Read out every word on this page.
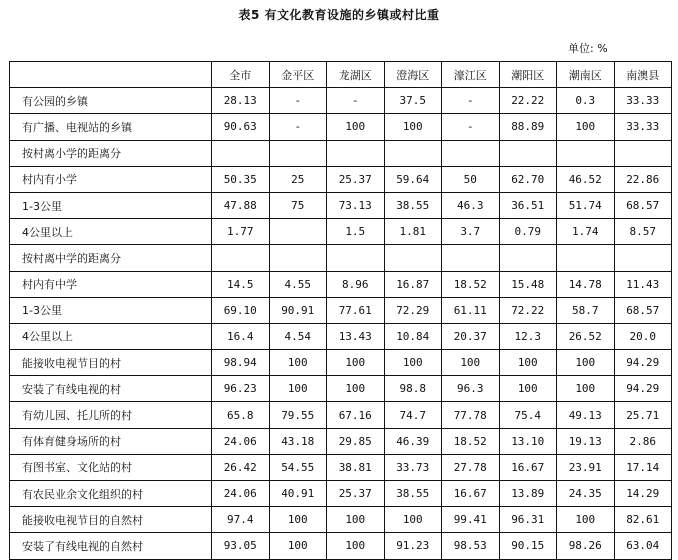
表5 有文化教育设施的乡镇或村比重
单位: %
	全市	金平区	龙湖区	澄海区	濠江区	潮阳区	潮南区	南澳县
有公园的乡镇	28.13	-	-	37.5	-	22.22	0.3	33.33
有广播、电视站的乡镇	90.63	-	100	100	-	88.89	100	33.33
按村离小学的距离分								
村内有小学	50.35	25	25.37	59.64	50	62.70	46.52	22.86
1-3公里	47.88	75	73.13	38.55	46.3	36.51	51.74	68.57
4公里以上	1.77		1.5	1.81	3.7	0.79	1.74	8.57
按村离中学的距离分								
村内有中学	14.5	4.55	8.96	16.87	18.52	15.48	14.78	11.43
1-3公里	69.10	90.91	77.61	72.29	61.11	72.22	58.7	68.57
4公里以上	16.4	4.54	13.43	10.84	20.37	12.3	26.52	20.0
能接收电视节目的村	98.94	100	100	100	100	100	100	94.29
安装了有线电视的村	96.23	100	100	98.8	96.3	100	100	94.29
有幼儿园、托儿所的村	65.8	79.55	67.16	74.7	77.78	75.4	49.13	25.71
有体育健身场所的村	24.06	43.18	29.85	46.39	18.52	13.10	19.13	2.86
有图书室、文化站的村	26.42	54.55	38.81	33.73	27.78	16.67	23.91	17.14
有农民业余文化组织的村	24.06	40.91	25.37	38.55	16.67	13.89	24.35	14.29
能接收电视节目的自然村	97.4	100	100	100	99.41	96.31	100	82.61
安装了有线电视的自然村	93.05	100	100	91.23	98.53	90.15	98.26	63.04
